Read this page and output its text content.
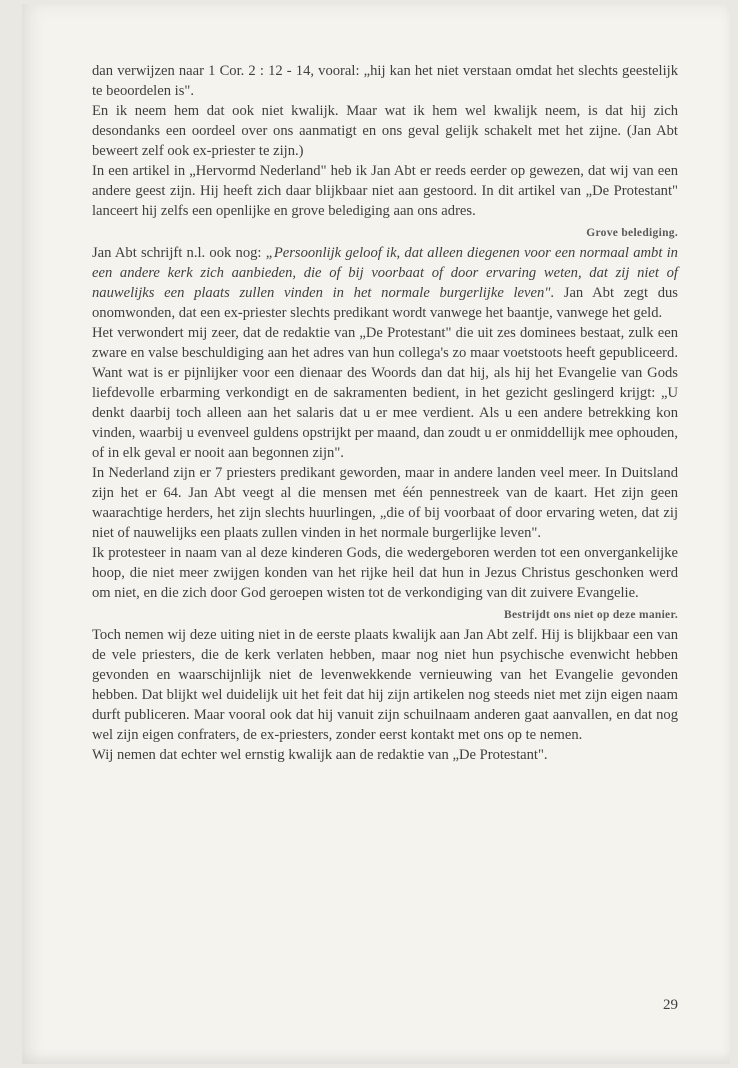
dan verwijzen naar 1 Cor. 2 : 12 - 14, vooral: „hij kan het niet verstaan omdat het slechts geestelijk te beoordelen is".

En ik neem hem dat ook niet kwalijk. Maar wat ik hem wel kwalijk neem, is dat hij zich desondanks een oordeel over ons aanmatigt en ons geval gelijk schakelt met het zijne. (Jan Abt beweert zelf ook ex-priester te zijn.)

In een artikel in „Hervormd Nederland" heb ik Jan Abt er reeds eerder op gewezen, dat wij van een andere geest zijn. Hij heeft zich daar blijkbaar niet aan gestoord. In dit artikel van „De Protestant" lanceert hij zelfs een openlijke en grove belediging aan ons adres.

Grove belediging.

Jan Abt schrijft n.l. ook nog: „Persoonlijk geloof ik, dat alleen diegenen voor een normaal ambt in een andere kerk zich aanbieden, die of bij voorbaat of door ervaring weten, dat zij niet of nauwelijks een plaats zullen vinden in het normale burgerlijke leven". Jan Abt zegt dus onomwonden, dat een ex-priester slechts predikant wordt vanwege het baantje, vanwege het geld.

Het verwondert mij zeer, dat de redaktie van „De Protestant" die uit zes dominees bestaat, zulk een zware en valse beschuldiging aan het adres van hun collega's zo maar voetstoots heeft gepubliceerd. Want wat is er pijnlijker voor een dienaar des Woords dan dat hij, als hij het Evangelie van Gods liefdevolle erbarming verkondigt en de sakramenten bedient, in het gezicht geslingerd krijgt: „U denkt daarbij toch alleen aan het salaris dat u er mee verdient. Als u een andere betrekking kon vinden, waarbij u evenveel guldens opstrijkt per maand, dan zoudt u er onmiddellijk mee ophouden, of in elk geval er nooit aan begonnen zijn".

In Nederland zijn er 7 priesters predikant geworden, maar in andere landen veel meer. In Duitsland zijn het er 64. Jan Abt veegt al die mensen met één pennestreek van de kaart. Het zijn geen waarachtige herders, het zijn slechts huurlingen, „die of bij voorbaat of door ervaring weten, dat zij niet of nauwelijks een plaats zullen vinden in het normale burgerlijke leven".

Ik protesteer in naam van al deze kinderen Gods, die wedergeboren werden tot een onvergankelijke hoop, die niet meer zwijgen konden van het rijke heil dat hun in Jezus Christus geschonken werd om niet, en die zich door God geroepen wisten tot de verkondiging van dit zuivere Evangelie.

Bestrijdt ons niet op deze manier.

Toch nemen wij deze uiting niet in de eerste plaats kwalijk aan Jan Abt zelf. Hij is blijkbaar een van de vele priesters, die de kerk verlaten hebben, maar nog niet hun psychische evenwicht hebben gevonden en waarschijnlijk niet de levenwekkende vernieuwing van het Evangelie gevonden hebben. Dat blijkt wel duidelijk uit het feit dat hij zijn artikelen nog steeds niet met zijn eigen naam durft publiceren. Maar vooral ook dat hij vanuit zijn schuilnaam anderen gaat aanvallen, en dat nog wel zijn eigen confraters, de ex-priesters, zonder eerst kontakt met ons op te nemen.

Wij nemen dat echter wel ernstig kwalijk aan de redaktie van „De Protestant".

29
